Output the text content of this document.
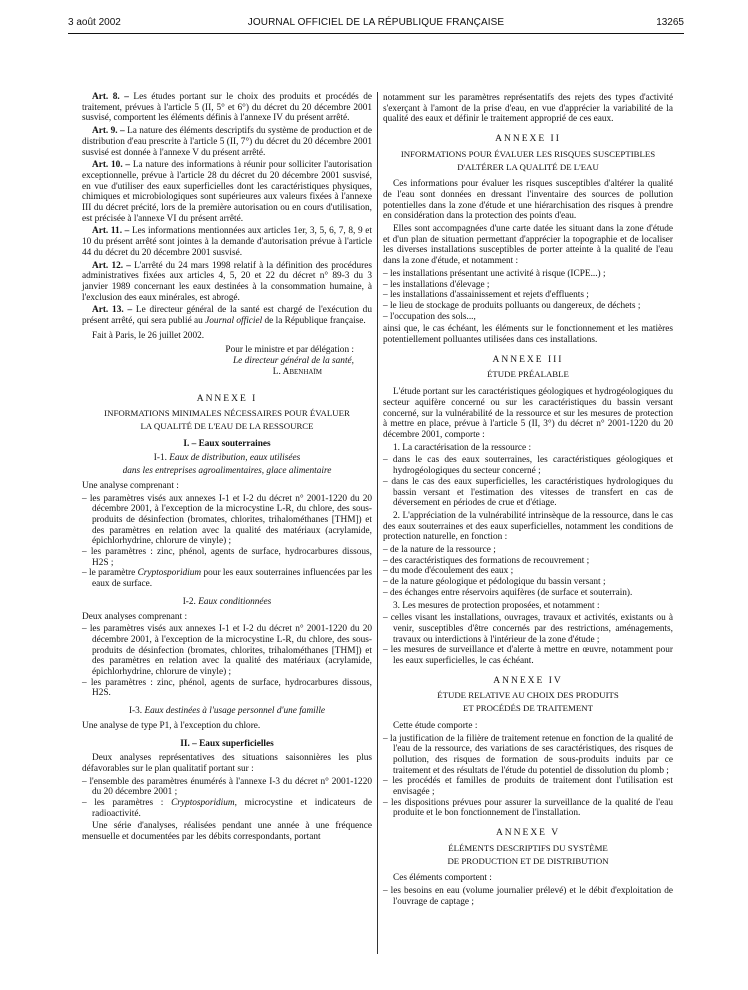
3 août 2002	JOURNAL OFFICIEL DE LA RÉPUBLIQUE FRANÇAISE	13265

Art. 8. – Les études portant sur le choix des produits et procédés de traitement, prévues à l'article 5 (II, 5° et 6°) du décret du 20 décembre 2001 susvisé, comportent les éléments définis à l'annexe IV du présent arrêté.

Art. 9. – La nature des éléments descriptifs du système de production et de distribution d'eau prescrite à l'article 5 (II, 7°) du décret du 20 décembre 2001 susvisé est donnée à l'annexe V du présent arrêté.

Art. 10. – La nature des informations à réunir pour solliciter l'autorisation exceptionnelle, prévue à l'article 28 du décret du 20 décembre 2001 susvisé, en vue d'utiliser des eaux superficielles dont les caractéristiques physiques, chimiques et microbiologiques sont supérieures aux valeurs fixées à l'annexe III du décret précité, lors de la première autorisation ou en cours d'utilisation, est précisée à l'annexe VI du présent arrêté.

Art. 11. – Les informations mentionnées aux articles 1er, 3, 5, 6, 7, 8, 9 et 10 du présent arrêté sont jointes à la demande d'autorisation prévue à l'article 44 du décret du 20 décembre 2001 susvisé.

Art. 12. – L'arrêté du 24 mars 1998 relatif à la définition des procédures administratives fixées aux articles 4, 5, 20 et 22 du décret n° 89-3 du 3 janvier 1989 concernant les eaux destinées à la consommation humaine, à l'exclusion des eaux minérales, est abrogé.

Art. 13. – Le directeur général de la santé est chargé de l'exécution du présent arrêté, qui sera publié au Journal officiel de la République française.

Fait à Paris, le 26 juillet 2002.

Pour le ministre et par délégation :

Le directeur général de la santé,

L. Abenhaïm

ANNEXE I

INFORMATIONS MINIMALES NÉCESSAIRES POUR ÉVALUER

LA QUALITÉ DE L'EAU DE LA RESSOURCE

I. – Eaux souterraines

I-1. Eaux de distribution, eaux utilisées

dans les entreprises agroalimentaires, glace alimentaire

Une analyse comprenant :

– les paramètres visés aux annexes I-1 et I-2 du décret n° 2001-1220 du 20 décembre 2001, à l'exception de la microcystine L-R, du chlore, des sous-produits de désinfection (bromates, chlorites, trihalométhanes [THM]) et des paramètres en relation avec la qualité des matériaux (acrylamide, épichlorhydrine, chlorure de vinyle) ;
– les paramètres : zinc, phénol, agents de surface, hydrocarbures dissous, H2S ;
– le paramètre Cryptosporidium pour les eaux souterraines influencées par les eaux de surface.

I-2. Eaux conditionnées

Deux analyses comprenant :

– les paramètres visés aux annexes I-1 et I-2 du décret n° 2001-1220 du 20 décembre 2001, à l'exception de la microcystine L-R, du chlore, des sous-produits de désinfection (bromates, chlorites, trihalométhanes [THM]) et des paramètres en relation avec la qualité des matériaux (acrylamide, épichlorhydrine, chlorure de vinyle) ;
– les paramètres : zinc, phénol, agents de surface, hydrocarbures dissous, H2S.

I-3. Eaux destinées à l'usage personnel d'une famille

Une analyse de type P1, à l'exception du chlore.

II. – Eaux superficielles

Deux analyses représentatives des situations saisonnières les plus défavorables sur le plan qualitatif portant sur :

– l'ensemble des paramètres énumérés à l'annexe I-3 du décret n° 2001-1220 du 20 décembre 2001 ;
– les paramètres : Cryptosporidium, microcystine et indicateurs de radioactivité.

Une série d'analyses, réalisées pendant une année à une fréquence mensuelle et documentées par les débits correspondants, portant

notamment sur les paramètres représentatifs des rejets des types d'activité s'exerçant à l'amont de la prise d'eau, en vue d'apprécier la variabilité de la qualité des eaux et définir le traitement approprié de ces eaux.

ANNEXE II

INFORMATIONS POUR ÉVALUER LES RISQUES SUSCEPTIBLES

D'ALTÉRER LA QUALITÉ DE L'EAU

Ces informations pour évaluer les risques susceptibles d'altérer la qualité de l'eau sont données en dressant l'inventaire des sources de pollution potentielles dans la zone d'étude et une hiérarchisation des risques à prendre en considération dans la protection des points d'eau.

Elles sont accompagnées d'une carte datée les situant dans la zone d'étude et d'un plan de situation permettant d'apprécier la topographie et de localiser les diverses installations susceptibles de porter atteinte à la qualité de l'eau dans la zone d'étude, et notamment :

– les installations présentant une activité à risque (ICPE...) ;
– les installations d'élevage ;
– les installations d'assainissement et rejets d'effluents ;
– le lieu de stockage de produits polluants ou dangereux, de déchets ;
– l'occupation des sols...,

ainsi que, le cas échéant, les éléments sur le fonctionnement et les matières potentiellement polluantes utilisées dans ces installations.

ANNEXE III

ÉTUDE PRÉALABLE

L'étude portant sur les caractéristiques géologiques et hydrogéologiques du secteur aquifère concerné ou sur les caractéristiques du bassin versant concerné, sur la vulnérabilité de la ressource et sur les mesures de protection à mettre en place, prévue à l'article 5 (II, 3°) du décret n° 2001-1220 du 20 décembre 2001, comporte :

1. La caractérisation de la ressource :

– dans le cas des eaux souterraines, les caractéristiques géologiques et hydrogéologiques du secteur concerné ;
– dans le cas des eaux superficielles, les caractéristiques hydrologiques du bassin versant et l'estimation des vitesses de transfert en cas de déversement en périodes de crue et d'étiage.

2. L'appréciation de la vulnérabilité intrinsèque de la ressource, dans le cas des eaux souterraines et des eaux superficielles, notamment les conditions de protection naturelle, en fonction :

– de la nature de la ressource ;
– des caractéristiques des formations de recouvrement ;
– du mode d'écoulement des eaux ;
– de la nature géologique et pédologique du bassin versant ;
– des échanges entre réservoirs aquifères (de surface et souterrain).

3. Les mesures de protection proposées, et notamment :

– celles visant les installations, ouvrages, travaux et activités, existants ou à venir, susceptibles d'être concernés par des restrictions, aménagements, travaux ou interdictions à l'intérieur de la zone d'étude ;
– les mesures de surveillance et d'alerte à mettre en œuvre, notamment pour les eaux superficielles, le cas échéant.

ANNEXE IV

ÉTUDE RELATIVE AU CHOIX DES PRODUITS

ET PROCÉDÉS DE TRAITEMENT

Cette étude comporte :

– la justification de la filière de traitement retenue en fonction de la qualité de l'eau de la ressource, des variations de ses caractéristiques, des risques de pollution, des risques de formation de sous-produits induits par ce traitement et des résultats de l'étude du potentiel de dissolution du plomb ;
– les procédés et familles de produits de traitement dont l'utilisation est envisagée ;
– les dispositions prévues pour assurer la surveillance de la qualité de l'eau produite et le bon fonctionnement de l'installation.

ANNEXE V

ÉLÉMENTS DESCRIPTIFS DU SYSTÈME

DE PRODUCTION ET DE DISTRIBUTION

Ces éléments comportent :

– les besoins en eau (volume journalier prélevé) et le débit d'exploitation de l'ouvrage de captage ;
